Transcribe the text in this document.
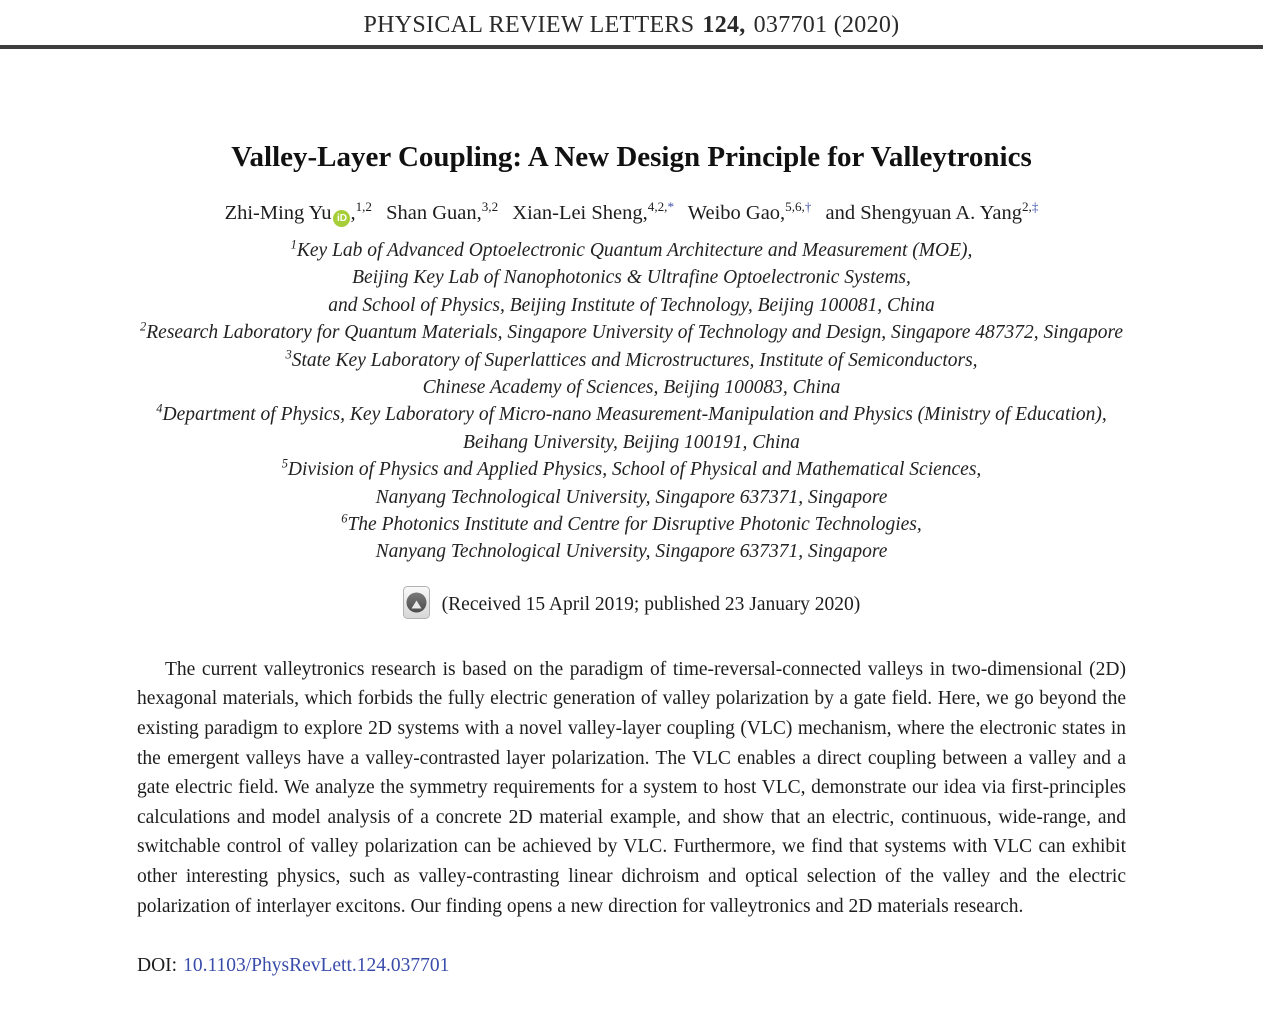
PHYSICAL REVIEW LETTERS 124, 037701 (2020)
Valley-Layer Coupling: A New Design Principle for Valleytronics
Zhi-Ming Yu iD ,$^{1,2}$ Shan Guan,$^{3,2}$ Xian-Lei Sheng,$^{4,2,*}$ Weibo Gao,$^{5,6,\dagger}$ and Shengyuan A. Yang$^{2,\ddagger}$
$^1$Key Lab of Advanced Optoelectronic Quantum Architecture and Measurement (MOE),
Beijing Key Lab of Nanophotonics & Ultrafine Optoelectronic Systems,
and School of Physics, Beijing Institute of Technology, Beijing 100081, China
$^2$Research Laboratory for Quantum Materials, Singapore University of Technology and Design, Singapore 487372, Singapore
$^3$State Key Laboratory of Superlattices and Microstructures, Institute of Semiconductors,
Chinese Academy of Sciences, Beijing 100083, China
$^4$Department of Physics, Key Laboratory of Micro-nano Measurement-Manipulation and Physics (Ministry of Education),
Beihang University, Beijing 100191, China
$^5$Division of Physics and Applied Physics, School of Physical and Mathematical Sciences,
Nanyang Technological University, Singapore 637371, Singapore
$^6$The Photonics Institute and Centre for Disruptive Photonic Technologies,
Nanyang Technological University, Singapore 637371, Singapore
(Received 15 April 2019; published 23 January 2020)
The current valleytronics research is based on the paradigm of time-reversal-connected valleys in two-dimensional (2D) hexagonal materials, which forbids the fully electric generation of valley polarization by a gate field. Here, we go beyond the existing paradigm to explore 2D systems with a novel valley-layer coupling (VLC) mechanism, where the electronic states in the emergent valleys have a valley-contrasted layer polarization. The VLC enables a direct coupling between a valley and a gate electric field. We analyze the symmetry requirements for a system to host VLC, demonstrate our idea via first-principles calculations and model analysis of a concrete 2D material example, and show that an electric, continuous, wide-range, and switchable control of valley polarization can be achieved by VLC. Furthermore, we find that systems with VLC can exhibit other interesting physics, such as valley-contrasting linear dichroism and optical selection of the valley and the electric polarization of interlayer excitons. Our finding opens a new direction for valleytronics and 2D materials research.
DOI: 10.1103/PhysRevLett.124.037701
